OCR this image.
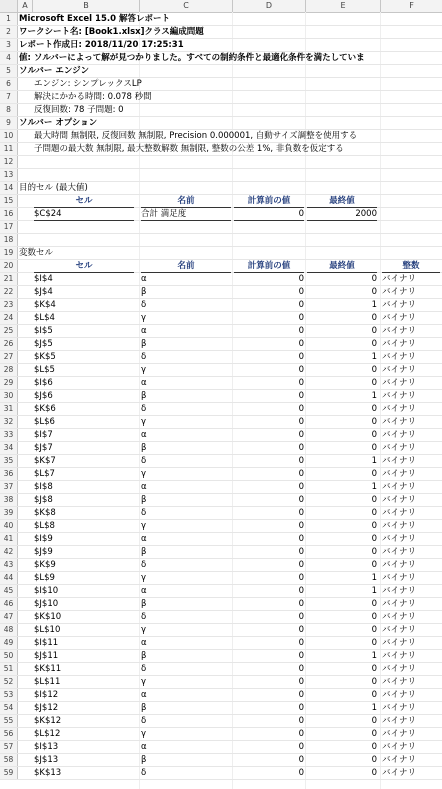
A	B	C	D	E	F
1 Microsoft Excel 15.0 解答レポート
2 ワークシート名: [Book1.xlsx]クラス編成問題
3 レポート作成日: 2018/11/20 17:25:31
4 値: ソルバーによって解が見つかりました。すべての制約条件と最適化条件を満たしていま
5 ソルバー エンジン
6	エンジン: シンプレックスLP
7	解決にかかる時間: 0.078 秒間
8	反復回数: 78 子問題: 0
9 ソルバー オプション
10	最大時間 無制限, 反復回数 無制限, Precision 0.000001, 自動サイズ調整を使用する
11	子問題の最大数 無制限, 最大整数解数 無制限, 整数の公差 1%, 非負数を仮定する
12
13
14 目的セル (最大値)
15	セル	名前	計算前の値	最終値
16	$C$24	合計 満足度	0	2000
17
18
19 変数セル
20	セル	名前	計算前の値	最終値	整数
21	$I$4	α	0	0 バイナリ
22	$J$4	β	0	0 バイナリ
23	$K$4	δ	0	1 バイナリ
24	$L$4	γ	0	0 バイナリ
25	$I$5	α	0	0 バイナリ
26	$J$5	β	0	0 バイナリ
27	$K$5	δ	0	1 バイナリ
28	$L$5	γ	0	0 バイナリ
29	$I$6	α	0	0 バイナリ
30	$J$6	β	0	1 バイナリ
31	$K$6	δ	0	0 バイナリ
32	$L$6	γ	0	0 バイナリ
33	$I$7	α	0	0 バイナリ
34	$J$7	β	0	0 バイナリ
35	$K$7	δ	0	1 バイナリ
36	$L$7	γ	0	0 バイナリ
37	$I$8	α	0	1 バイナリ
38	$J$8	β	0	0 バイナリ
39	$K$8	δ	0	0 バイナリ
40	$L$8	γ	0	0 バイナリ
41	$I$9	α	0	0 バイナリ
42	$J$9	β	0	0 バイナリ
43	$K$9	δ	0	0 バイナリ
44	$L$9	γ	0	1 バイナリ
45	$I$10	α	0	1 バイナリ
46	$J$10	β	0	0 バイナリ
47	$K$10	δ	0	0 バイナリ
48	$L$10	γ	0	0 バイナリ
49	$I$11	α	0	0 バイナリ
50	$J$11	β	0	1 バイナリ
51	$K$11	δ	0	0 バイナリ
52	$L$11	γ	0	0 バイナリ
53	$I$12	α	0	0 バイナリ
54	$J$12	β	0	1 バイナリ
55	$K$12	δ	0	0 バイナリ
56	$L$12	γ	0	0 バイナリ
57	$I$13	α	0	0 バイナリ
58	$J$13	β	0	0 バイナリ
59	$K$13	δ	0	0 バイナリ
